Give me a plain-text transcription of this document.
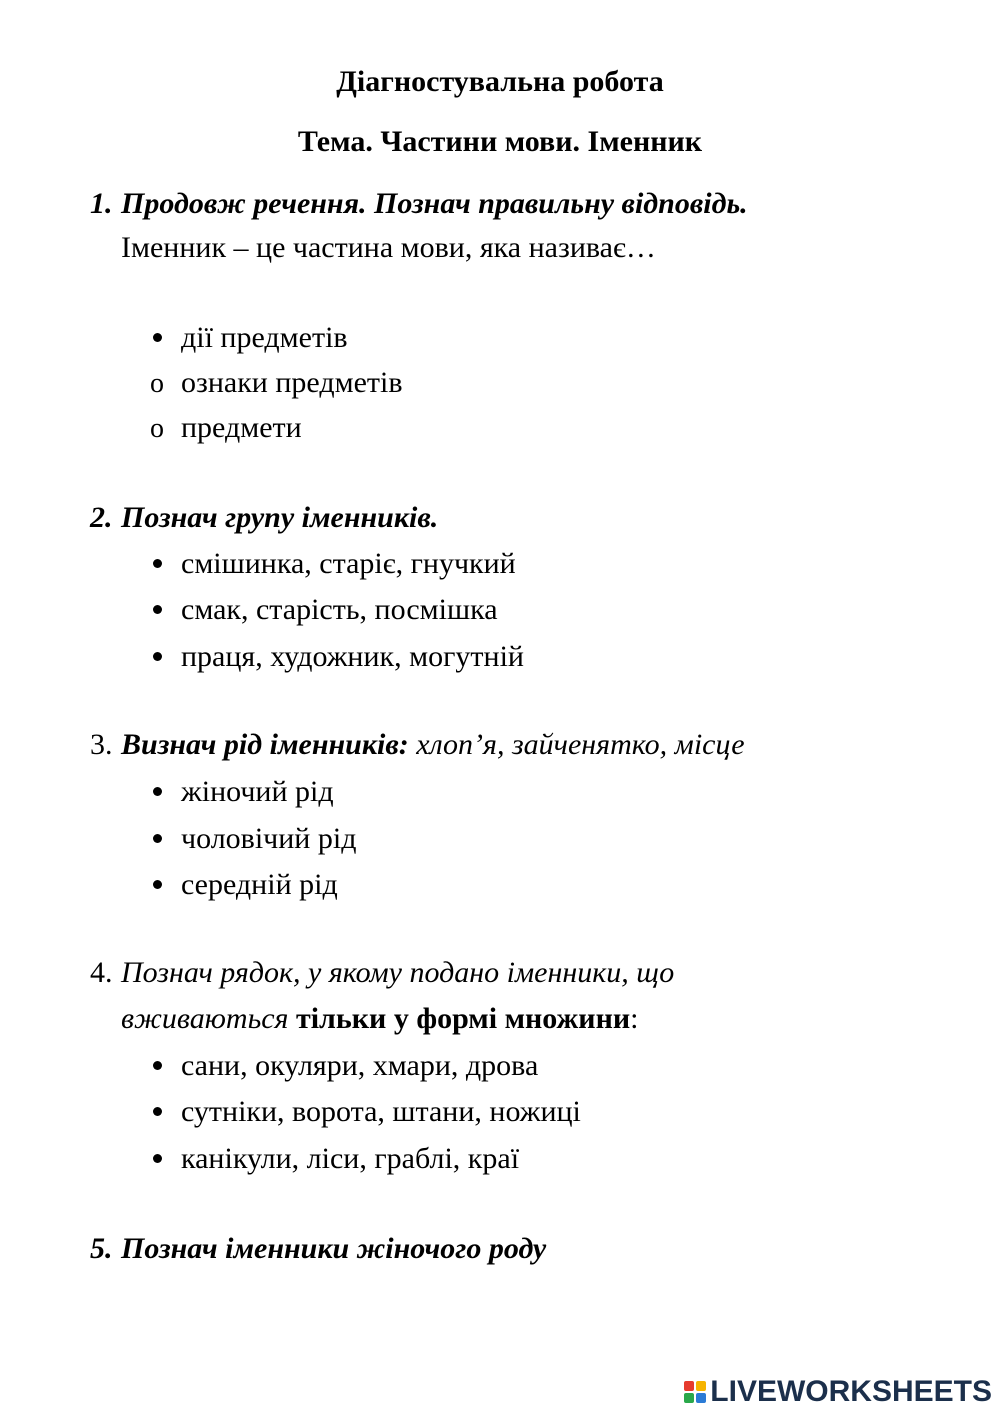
Діагностувальна робота
Тема. Частини мови. Іменник
1. Продовж речення. Познач правильну відповідь.
Іменник – це частина мови, яка називає…
дії предметів
o ознаки предметів
o предмети
2. Познач групу іменників.
смішинка, старіє, гнучкий
смак, старість, посмішка
праця, художник, могутній
3. Визнач рід іменників: хлоп’я, зайченятко, місце
жіночий рід
чоловічий рід
середній рід
4. Познач рядок, у якому подано іменники, що
вживаються тільки у формі множини:
сани, окуляри, хмари, дрова
сутніки, ворота, штани, ножиці
канікули, ліси, граблі, краї
5. Познач іменники жіночого роду
LIVEWORKSHEETS
